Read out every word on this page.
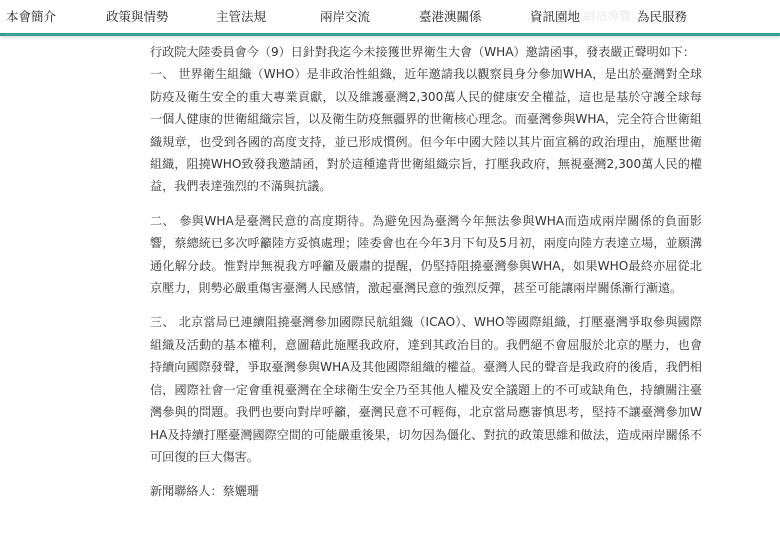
本會簡介	政策與情勢	主管法規	兩岸交流	臺港澳關係	資訊園地 網站導覽 為民服務

行政院大陸委員會今（9）日針對我迄今未接獲世界衛生大會（WHA）邀請函事，發表嚴正聲明如下：

一、 世界衛生組織（WHO）是非政治性組織，近年邀請我以觀察員身分參加WHA，是出於臺灣對全球防疫及衛生安全的重大專業貢獻，以及維護臺灣2,300萬人民的健康安全權益，這也是基於守護全球每一個人健康的世衛組織宗旨，以及衛生防疫無疆界的世衛核心理念。而臺灣參與WHA，完全符合世衛組織規章，也受到各國的高度支持，並已形成慣例。但今年中國大陸以其片面宣稱的政治理由，施壓世衛組織，阻撓WHO致發我邀請函，對於這種違背世衛組織宗旨，打壓我政府，無視臺灣2,300萬人民的權益，我們表達強烈的不滿與抗議。

二、 參與WHA是臺灣民意的高度期待。為避免因為臺灣今年無法參與WHA而造成兩岸關係的負面影響，蔡總統已多次呼籲陸方妥慎處理；陸委會也在今年3月下旬及5月初，兩度向陸方表達立場，並願溝通化解分歧。惟對岸無視我方呼籲及嚴肅的提醒，仍堅持阻撓臺灣參與WHA，如果WHO最終亦屈從北京壓力，則勢必嚴重傷害臺灣人民感情，激起臺灣民意的強烈反彈，甚至可能讓兩岸關係漸行漸遠。

三、 北京當局已連續阻撓臺灣參加國際民航組織（ICAO）、WHO等國際組織，打壓臺灣爭取參與國際組織及活動的基本權利，意圖藉此施壓我政府，達到其政治目的。我們絕不會屈服於北京的壓力，也會持續向國際發聲，爭取臺灣參與WHA及其他國際組織的權益。臺灣人民的聲音是我政府的後盾，我們相信，國際社會一定會重視臺灣在全球衛生安全乃至其他人權及安全議題上的不可或缺角色，持續關注臺灣參與的問題。我們也要向對岸呼籲，臺灣民意不可輕侮，北京當局應審慎思考，堅持不讓臺灣參加WHA及持續打壓臺灣國際空間的可能嚴重後果，切勿因為僵化、對抗的政策思維和做法，造成兩岸關係不可回復的巨大傷害。

新聞聯絡人：蔡孋珊
